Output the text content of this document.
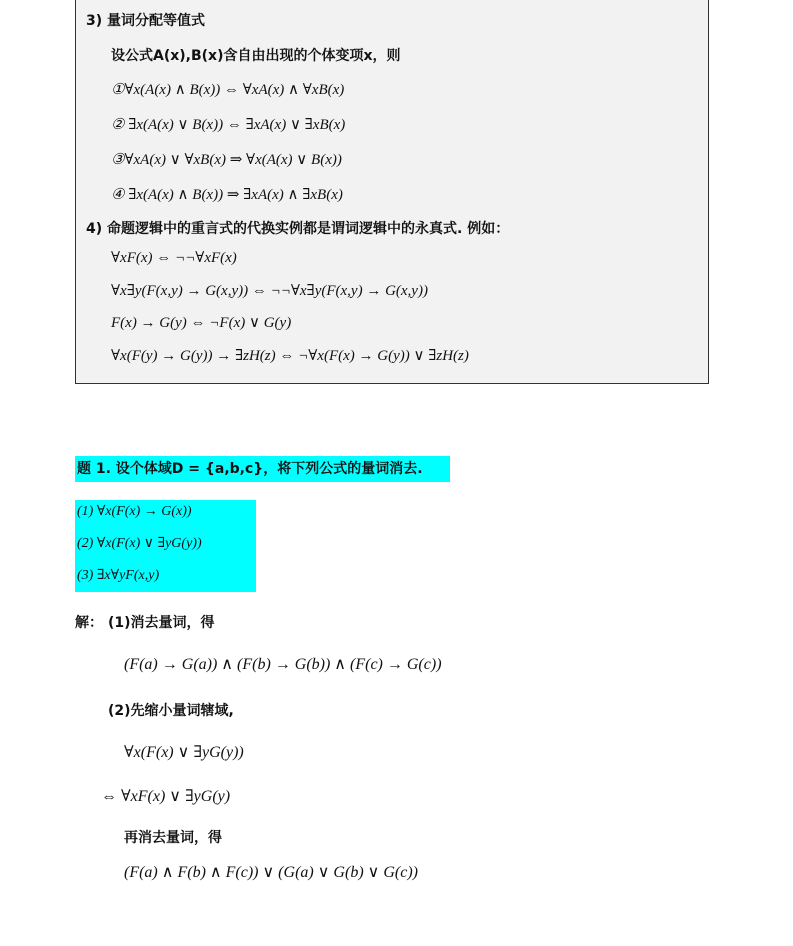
3) 量词分配等值式
设公式A(x),B(x)含自由出现的个体变项x，则
①∀x(A(x) ∧ B(x)) ⇔ ∀xA(x) ∧ ∀xB(x)
② ∃x(A(x) ∨ B(x)) ⇔ ∃xA(x) ∨ ∃xB(x)
③∀xA(x) ∨ ∀xB(x) ⇒ ∀x(A(x) ∨ B(x))
④ ∃x(A(x) ∧ B(x)) ⇒ ∃xA(x) ∧ ∃xB(x)
4) 命题逻辑中的重言式的代换实例都是谓词逻辑中的永真式. 例如：
∀xF(x) ⇔ ¬¬∀xF(x)
∀x∃y(F(x,y) → G(x,y)) ⇔ ¬¬∀x∃y(F(x,y) → G(x,y))
F(x) → G(y) ⇔ ¬F(x) ∨ G(y)
∀x(F(y) → G(y)) → ∃zH(z) ⇔ ¬∀x(F(x) → G(y)) ∨ ∃zH(z)
题 1. 设个体域D = {a,b,c}，将下列公式的量词消去.
(1) ∀x(F(x) → G(x))
(2) ∀x(F(x) ∨ ∃yG(y))
(3) ∃x∀yF(x,y)
解： (1)消去量词，得
(F(a) → G(a)) ∧ (F(b) → G(b)) ∧ (F(c) → G(c))
(2)先缩小量词辖域,
∀x(F(x) ∨ ∃yG(y))
⇔ ∀xF(x) ∨ ∃yG(y)
再消去量词，得
(F(a) ∧ F(b) ∧ F(c)) ∨ (G(a) ∨ G(b) ∨ G(c))
